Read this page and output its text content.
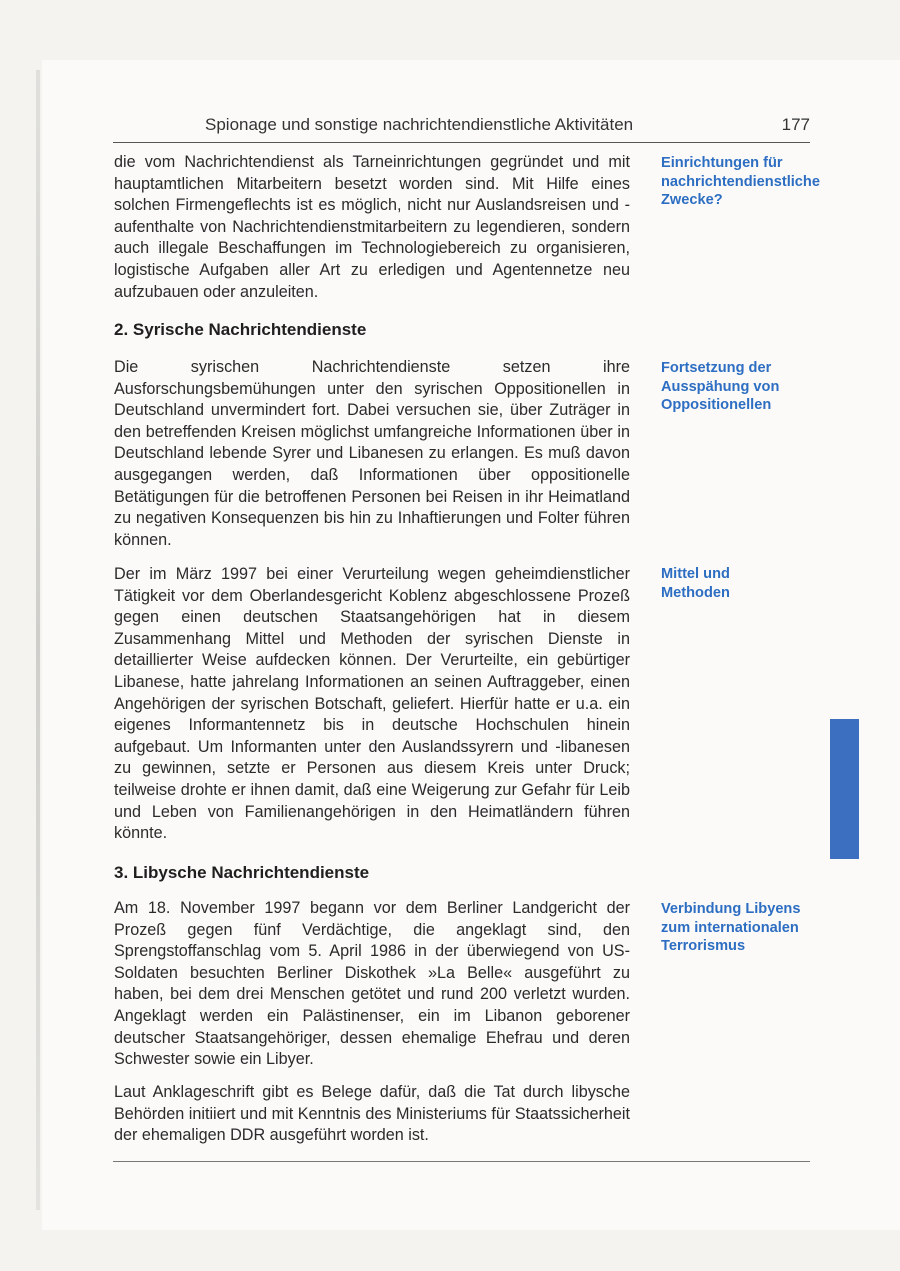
Spionage und sonstige nachrichtendienstliche Aktivitäten	177

die vom Nachrichtendienst als Tarneinrichtungen gegründet und mit hauptamtlichen Mitarbeitern besetzt worden sind. Mit Hilfe eines solchen Firmengeflechts ist es möglich, nicht nur Auslandsreisen und -aufenthalte von Nachrichtendienstmitarbeitern zu legendieren, sondern auch illegale Beschaffungen im Technologiebereich zu organisieren, logistische Aufgaben aller Art zu erledigen und Agentennetze neu aufzubauen oder anzuleiten.

2. Syrische Nachrichtendienste

Die syrischen Nachrichtendienste setzen ihre Ausforschungsbemühungen unter den syrischen Oppositionellen in Deutschland unvermindert fort. Dabei versuchen sie, über Zuträger in den betreffenden Kreisen möglichst umfangreiche Informationen über in Deutschland lebende Syrer und Libanesen zu erlangen. Es muß davon ausgegangen werden, daß Informationen über oppositionelle Betätigungen für die betroffenen Personen bei Reisen in ihr Heimatland zu negativen Konsequenzen bis hin zu Inhaftierungen und Folter führen können.

Der im März 1997 bei einer Verurteilung wegen geheimdienstlicher Tätigkeit vor dem Oberlandesgericht Koblenz abgeschlossene Prozeß gegen einen deutschen Staatsangehörigen hat in diesem Zusammenhang Mittel und Methoden der syrischen Dienste in detaillierter Weise aufdecken können. Der Verurteilte, ein gebürtiger Libanese, hatte jahrelang Informationen an seinen Auftraggeber, einen Angehörigen der syrischen Botschaft, geliefert. Hierfür hatte er u.a. ein eigenes Informantennetz bis in deutsche Hochschulen hinein aufgebaut. Um Informanten unter den Auslandssyrern und -libanesen zu gewinnen, setzte er Personen aus diesem Kreis unter Druck; teilweise drohte er ihnen damit, daß eine Weigerung zur Gefahr für Leib und Leben von Familienangehörigen in den Heimatländern führen könnte.

3. Libysche Nachrichtendienste

Am 18. November 1997 begann vor dem Berliner Landgericht der Prozeß gegen fünf Verdächtige, die angeklagt sind, den Sprengstoffanschlag vom 5. April 1986 in der überwiegend von US-Soldaten besuchten Berliner Diskothek »La Belle« ausgeführt zu haben, bei dem drei Menschen getötet und rund 200 verletzt wurden. Angeklagt werden ein Palästinenser, ein im Libanon geborener deutscher Staatsangehöriger, dessen ehemalige Ehefrau und deren Schwester sowie ein Libyer.

Laut Anklageschrift gibt es Belege dafür, daß die Tat durch libysche Behörden initiiert und mit Kenntnis des Ministeriums für Staatssicherheit der ehemaligen DDR ausgeführt worden ist.

Einrichtungen für nachrichtendienstliche Zwecke?

Fortsetzung der Ausspähung von Oppositionellen

Mittel und Methoden

Verbindung Libyens zum internationalen Terrorismus
